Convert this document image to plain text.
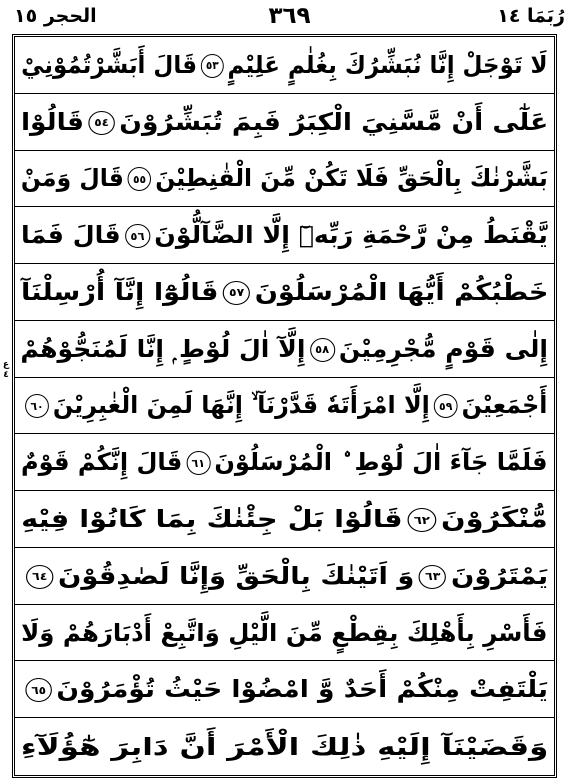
الحجر ١٥	٣٦٩	رُبَمَا ١٤
ع ٤
لَا تَوْجَلْ إِنَّا نُبَشِّرُكَ بِغُلٰمٍ عَلِيْمٍ٥٣قَالَ أَبَشَّرْتُمُوْنِيْ
عَلٰٓى أَنْ مَّسَّنِيَ الْكِبَرُ فَبِمَ تُبَشِّرُوْنَ٥٤قَالُوْا
بَشَّرْنٰكَ بِالْحَقِّ فَلَا تَكُنْ مِّنَ الْقٰنِطِيْنَ٥٥قَالَ وَمَنْ
يَّقْنَطُ مِنْ رَّحْمَةِ رَبِّهٖٓ إِلَّا الضَّآلُّوْنَ٥٦قَالَ فَمَا
خَطْبُكُمْ أَيُّهَا الْمُرْسَلُوْنَ٥٧قَالُوْٓا إِنَّآ أُرْسِلْنَآ
إِلٰى قَوْمٍ مُّجْرِمِيْنَ٥٨إِلَّآ اٰلَ لُوْطٍ ۭ إِنَّا لَمُنَجُّوْهُمْ
أَجْمَعِيْنَ٥٩إِلَّا امْرَأَتَهٗ قَدَّرْنَآ ۙ إِنَّهَا لَمِنَ الْغٰبِرِيْنَ٦٠
فَلَمَّا جَآءَ اٰلَ لُوْطِ ۨ الْمُرْسَلُوْنَ٦١قَالَ إِنَّكُمْ قَوْمٌ
مُّنْكَرُوْنَ٦٢قَالُوْا بَلْ جِئْنٰكَ بِمَا كَانُوْا فِيْهِ
يَمْتَرُوْنَ٦٣وَ اَتَيْنٰكَ بِالْحَقِّ وَإِنَّا لَصٰدِقُوْنَ٦٤
فَأَسْرِ بِأَهْلِكَ بِقِطْعٍ مِّنَ الَّيْلِ وَاتَّبِعْ أَدْبَارَهُمْ وَلَا
يَلْتَفِتْ مِنْكُمْ أَحَدٌ وَّ امْضُوْا حَيْثُ تُؤْمَرُوْنَ٦٥
وَقَضَيْنَآ إِلَيْهِ ذٰلِكَ الْأَمْرَ أَنَّ دَابِرَ هٰٓؤُلَآءِ
